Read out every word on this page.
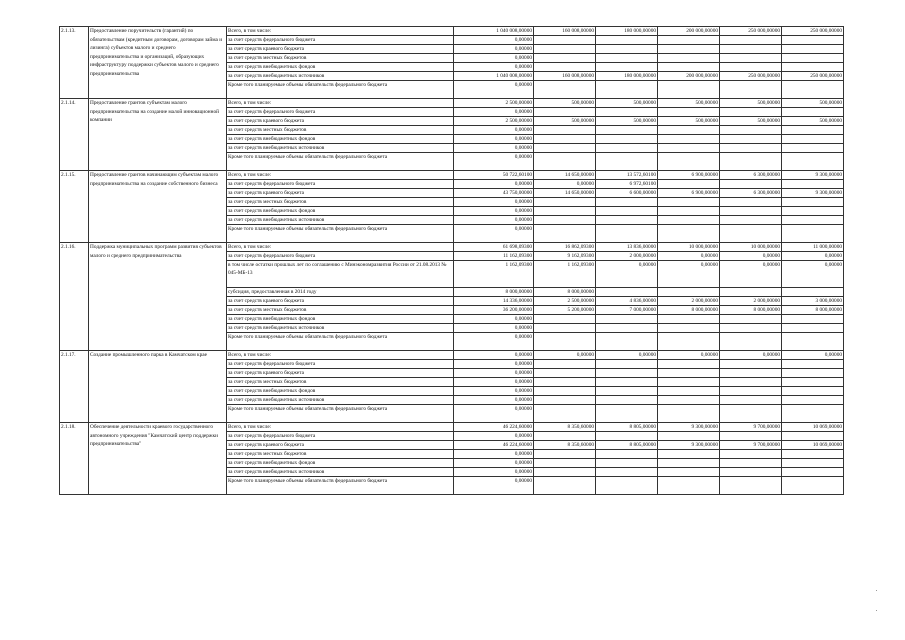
2.1.13.	Предоставление поручительств (гарантий) по обязательствам (кредитным договорам, договорам займа и лизинга) субъектов малого и среднего предпринимательства и организаций, образующих инфраструктуру поддержки субъектов малого и среднего предпринимательства	Всего, в том числе:	1 040 008,00000	160 008,00000	180 000,00000	200 000,00000	250 000,00000	250 000,00000
		за счет средств федерального бюджета	0,00000					
		за счет средств краевого бюджета	0,00000					
		за счет средств местных бюджетов	0,00000					
		за счет средств внебюджетных фондов	0,00000					
		за счет средств внебюджетных источников	1 040 008,00000	160 008,00000	180 000,00000	200 000,00000	250 000,00000	250 000,00000
		Кроме того планируемые объемы обязательств федерального бюджета	0,00000					
2.1.14.	Предоставление грантов субъектам малого предпринимательства на создание малой инновационной компании	Всего, в том числе:	2 500,00000	500,00000	500,00000	500,00000	500,00000	500,00000
		за счет средств федерального бюджета	0,00000					
		за счет средств краевого бюджета	2 500,00000	500,00000	500,00000	500,00000	500,00000	500,00000
		за счет средств местных бюджетов	0,00000					
		за счет средств внебюджетных фондов	0,00000					
		за счет средств внебюджетных источников	0,00000					
		Кроме того планируемые объемы обязательств федерального бюджета	0,00000					
2.1.15.	Предоставление грантов начинающим субъектам малого предпринимательства на создание собственного бизнеса	Всего, в том числе:	50 722,60100	14 650,00000	13 572,60100	6 900,00000	6 300,00000	9 300,00000
		за счет средств федерального бюджета	0,00000	0,00000	6 972,60100			
		за счет средств краевого бюджета	43 750,00000	14 650,00000	6 600,00000	6 900,00000	6 300,00000	9 300,00000
		за счет средств местных бюджетов	0,00000					
		за счет средств внебюджетных фондов	0,00000					
		за счет средств внебюджетных источников	0,00000					
		Кроме того планируемые объемы обязательств федерального бюджета	0,00000					
2.1.16.	Поддержка муниципальных программ развития субъектов малого и среднего предпринимательства	Всего, в том числе:	61 698,09300	16 862,09300	13 836,00000	10 000,00000	10 000,00000	11 000,00000
		за счет средств федерального бюджета	11 162,09300	9 162,09300	2 000,00000	0,00000	0,00000	0,00000
		в том числе остатки прошлых лет по соглашению с Минэкономразвития России от 21.08.2013 № 045-МБ-13	1 162,09300	1 162,09300	0,00000	0,00000	0,00000	0,00000
		субсидия, предоставленная в 2014 году	8 000,00000	8 000,00000				
		за счет средств краевого бюджета	14 336,00000	2 500,00000	4 836,00000	2 000,00000	2 000,00000	3 000,00000
		за счет средств местных бюджетов	36 200,00000	5 200,00000	7 000,00000	8 000,00000	8 000,00000	8 000,00000
		за счет средств внебюджетных фондов	0,00000					
		за счет средств внебюджетных источников	0,00000					
		Кроме того планируемые объемы обязательств федерального бюджета	0,00000					
2.1.17.	Создание промышленного парка в Камчатском крае	Всего, в том числе:	0,00000	0,00000	0,00000	0,00000	0,00000	0,00000
		за счет средств федерального бюджета	0,00000					
		за счет средств краевого бюджета	0,00000					
		за счет средств местных бюджетов	0,00000					
		за счет средств внебюджетных фондов	0,00000					
		за счет средств внебюджетных источников	0,00000					
		Кроме того планируемые объемы обязательств федерального бюджета	0,00000					
2.1.18.	Обеспечение деятельности краевого государственного автономного учреждения "Камчатский центр поддержки предпринимательства"	Всего, в том числе:	46 224,60000	8 350,60000	8 805,00000	9 300,00000	9 700,00000	10 069,00000
		за счет средств федерального бюджета	0,00000					
		за счет средств краевого бюджета	46 224,60000	8 350,60000	8 805,00000	9 300,00000	9 700,00000	10 069,00000
		за счет средств местных бюджетов	0,00000					
		за счет средств внебюджетных фондов	0,00000					
		за счет средств внебюджетных источников	0,00000					
		Кроме того планируемые объемы обязательств федерального бюджета	0,00000					
